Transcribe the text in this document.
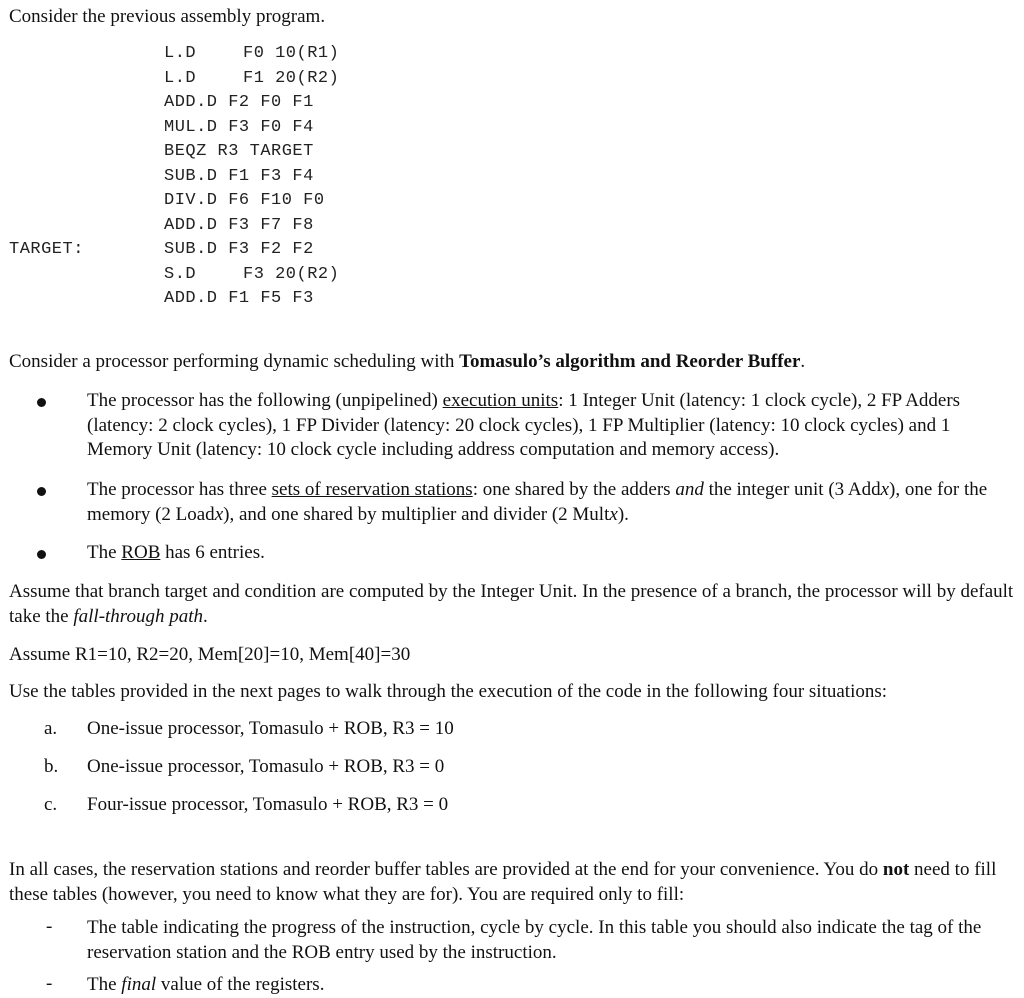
Consider the previous assembly program.
L.D	F0 10(R1)
L.D	F1 20(R2)
ADD.D F2 F0 F1
MUL.D F3 F0 F4
BEQZ R3 TARGET
SUB.D F1 F3 F4
DIV.D F6 F10 F0
ADD.D F3 F7 F8
TARGET:	SUB.D F3 F2 F2
S.D	F3 20(R2)
ADD.D F1 F5 F3
Consider a processor performing dynamic scheduling with Tomasulo’s algorithm and Reorder Buffer.
The processor has the following (unpipelined) execution units: 1 Integer Unit (latency: 1 clock cycle), 2 FP Adders (latency: 2 clock cycles), 1 FP Divider (latency: 20 clock cycles), 1 FP Multiplier (latency: 10 clock cycles) and 1 Memory Unit (latency: 10 clock cycle including address computation and memory access).
The processor has three sets of reservation stations: one shared by the adders and the integer unit (3 Addx), one for the memory (2 Loadx), and one shared by multiplier and divider (2 Multx).
The ROB has 6 entries.
Assume that branch target and condition are computed by the Integer Unit. In the presence of a branch, the processor will by default take the fall-through path.
Assume R1=10, R2=20, Mem[20]=10, Mem[40]=30
Use the tables provided in the next pages to walk through the execution of the code in the following four situations:
a. One-issue processor, Tomasulo + ROB, R3 = 10
b. One-issue processor, Tomasulo + ROB, R3 = 0
c. Four-issue processor, Tomasulo + ROB, R3 = 0
In all cases, the reservation stations and reorder buffer tables are provided at the end for your convenience. You do not need to fill these tables (however, you need to know what they are for). You are required only to fill:
- The table indicating the progress of the instruction, cycle by cycle. In this table you should also indicate the tag of the reservation station and the ROB entry used by the instruction.
- The final value of the registers.
